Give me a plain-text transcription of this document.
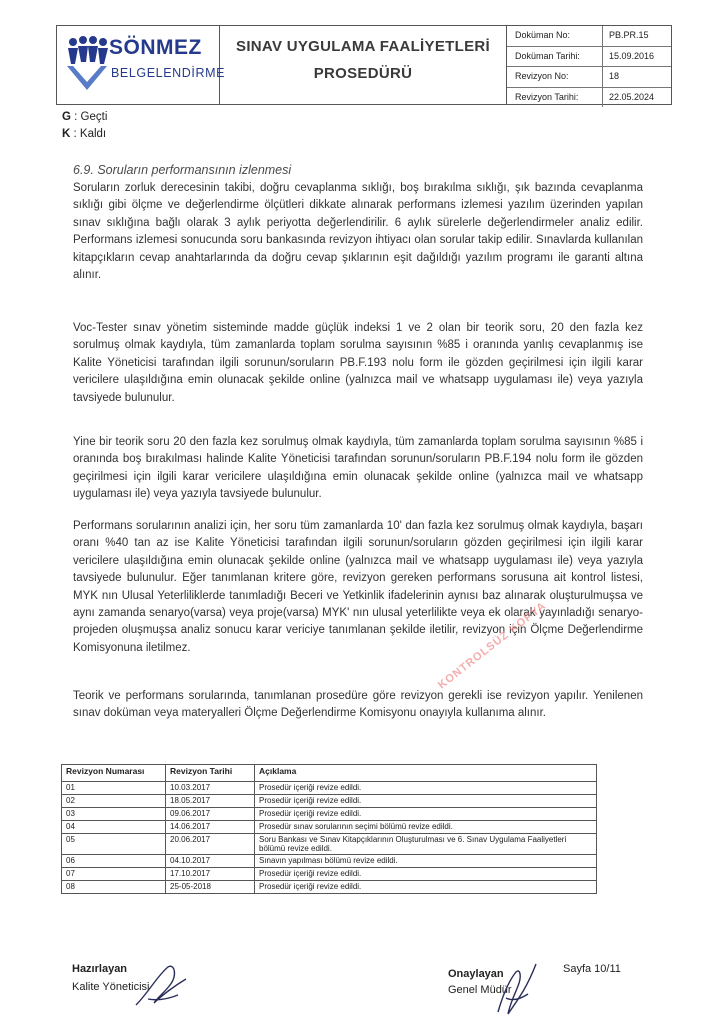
SÖNMEZ
BELGELENDİRME
SINAV UYGULAMA FAALİYETLERİ
PROSEDÜRÜ
Doküman No:	PB.PR.15
Doküman Tarihi:	15.09.2016
Revizyon No:	18
Revizyon Tarihi:	22.05.2024
G : Geçti
K : Kaldı
6.9. Soruların performansının izlenmesi
Soruların zorluk derecesinin takibi, doğru cevaplanma sıklığı, boş bırakılma sıklığı, şık bazında cevaplanma sıklığı gibi ölçme ve değerlendirme ölçütleri dikkate alınarak performans izlemesi yazılım üzerinden yapılan sınav sıklığına bağlı olarak 3 aylık periyotta değerlendirilir. 6 aylık sürelerle değerlendirmeler analiz edilir. Performans izlemesi sonucunda soru bankasında revizyon ihtiyacı olan sorular takip edilir. Sınavlarda kullanılan kitapçıkların cevap anahtarlarında da doğru cevap şıklarının eşit dağıldığı yazılım programı ile garanti altına alınır.
Voc-Tester sınav yönetim sisteminde madde güçlük indeksi 1 ve 2 olan bir teorik soru, 20 den fazla kez sorulmuş olmak kaydıyla, tüm zamanlarda toplam sorulma sayısının %85 i oranında yanlış cevaplanmış ise Kalite Yöneticisi tarafından ilgili sorunun/soruların PB.F.193 nolu form ile gözden geçirilmesi için ilgili karar vericilere ulaşıldığına emin olunacak şekilde online (yalnızca mail ve whatsapp uygulaması ile) veya yazıyla tavsiyede bulunulur.
Yine bir teorik soru 20 den fazla kez sorulmuş olmak kaydıyla, tüm zamanlarda toplam sorulma sayısının %85 i oranında boş bırakılması halinde Kalite Yöneticisi tarafından sorunun/soruların PB.F.194 nolu form ile gözden geçirilmesi için ilgili karar vericilere ulaşıldığına emin olunacak şekilde online (yalnızca mail ve whatsapp uygulaması ile) veya yazıyla tavsiyede bulunulur.
Performans sorularının analizi için, her soru tüm zamanlarda 10' dan fazla kez sorulmuş olmak kaydıyla, başarı oranı %40 tan az ise Kalite Yöneticisi tarafından ilgili sorunun/soruların gözden geçirilmesi için ilgili karar vericilere ulaşıldığına emin olunacak şekilde online (yalnızca mail ve whatsapp uygulaması ile) veya yazıyla tavsiyede bulunulur. Eğer tanımlanan kritere göre, revizyon gereken performans sorusuna ait kontrol listesi, MYK nın Ulusal Yeterliliklerde tanımladığı Beceri ve Yetkinlik ifadelerinin aynısı baz alınarak oluşturulmuşsa ve aynı zamanda senaryo(varsa) veya proje(varsa) MYK' nın ulusal yeterlilikte veya ek olarak yayınladığı senaryo-projeden oluşmuşsa analiz sonucu karar vericiye tanımlanan şekilde iletilir, revizyon için Ölçme Değerlendirme Komisyonuna iletilmez.
Teorik ve performans sorularında, tanımlanan prosedüre göre revizyon gerekli ise revizyon yapılır. Yenilenen sınav doküman veya materyalleri Ölçme Değerlendirme Komisyonu onayıyla kullanıma alınır.
KONTROLSÜZ KOPYA
Revizyon Numarası	Revizyon Tarihi	Açıklama
01	10.03.2017	Prosedür içeriği revize edildi.
02	18.05.2017	Prosedür içeriği revize edildi.
03	09.06.2017	Prosedür içeriği revize edildi.
04	14.06.2017	Prosedür sınav sorularının seçimi bölümü revize edildi.
05	20.06.2017	Soru Bankası ve Sınav Kitapçıklarının Oluşturulması ve 6. Sınav Uygulama Faaliyetleri bölümü revize edildi.
06	04.10.2017	Sınavın yapılması bölümü revize edildi.
07	17.10.2017	Prosedür içeriği revize edildi.
08	25-05-2018	Prosedür içeriği revize edildi.
Hazırlayan
Kalite Yöneticisi
Onaylayan
Genel Müdür
Sayfa 10/11
